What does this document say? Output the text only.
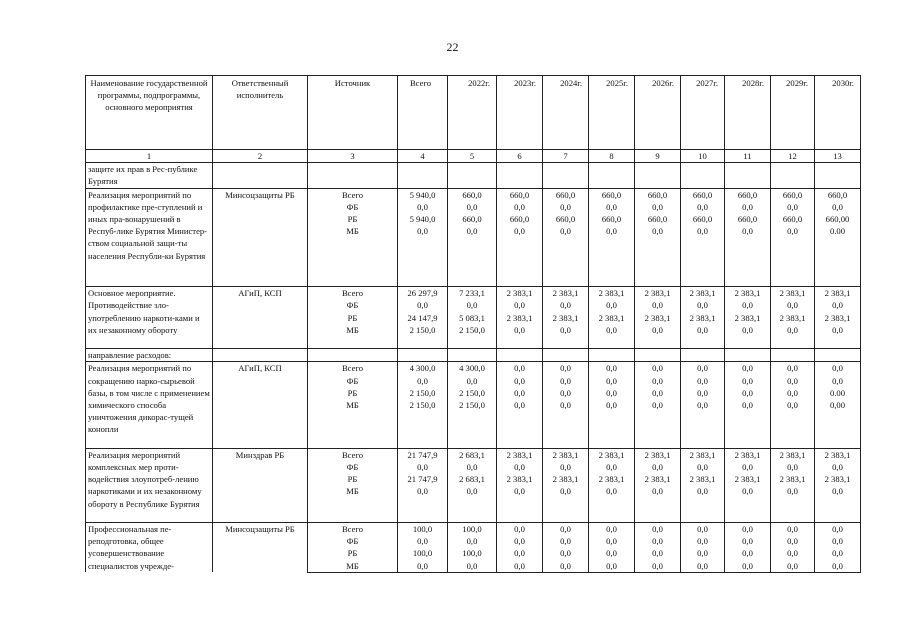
22
Наименование государственной программы, подпрограммы, основного мероприятия	Ответственный исполнитель	Источник	Всего	2022г.	2023г.	2024г.	2025г.	2026г.	2027г.	2028г.	2029г.	2030г.
1	2	3	4	5	6	7	8	9	10	11	12	13
защите их прав в Рес-публике Бурятия												
Реализация мероприятий по профилактике пре-ступлений и иных пра-вонарушений в Респуб-лике Бурятия Министер-ством социальной защи-ты населения Республи-ки Бурятия	Минсоцзащиты РБ	Всего	5 940,0	660,0	660,0	660,0	660,0	660,0	660,0	660,0	660,0	660,0
		ФБ	0,0	0,0	0,0	0,0	0,0	0,0	0,0	0,0	0,0	0,0
		РБ	5 940,0	660,0	660,0	660,0	660,0	660,0	660,0	660,0	660,0	660,00
		МБ	0,0	0,0	0,0	0,0	0,0	0,0	0,0	0,0	0,0	0.00
Основное мероприятие. Противодействие зло-употреблению наркоти-ками и их незаконному обороту	АГиП, КСП	Всего	26 297,9	7 233,1	2 383,1	2 383,1	2 383,1	2 383,1	2 383,1	2 383,1	2 383,1	2 383,1
		ФБ	0,0	0,0	0,0	0,0	0,0	0,0	0,0	0,0	0,0	0,0
		РБ	24 147,9	5 083,1	2 383,1	2 383,1	2 383,1	2 383,1	2 383,1	2 383,1	2 383,1	2 383,1
		МБ	2 150,0	2 150,0	0,0	0,0	0,0	0,0	0,0	0,0	0,0	0,0
направление расходов:												
Реализация мероприятий по сокращению нарко-сырьевой базы, в том числе с применением химического способа уничтожения дикорас-тущей конопли	АГиП, КСП	Всего	4 300,0	4 300,0	0,0	0,0	0,0	0,0	0,0	0,0	0,0	0,0
		ФБ	0,0	0,0	0,0	0,0	0,0	0,0	0,0	0,0	0,0	0,0
		РБ	2 150,0	2 150,0	0,0	0,0	0,0	0,0	0,0	0,0	0,0	0.00
		МБ	2 150,0	2 150,0	0,0	0,0	0,0	0,0	0,0	0,0	0,0	0,00
Реализация мероприятий комплексных мер проти-водействия злоупотреб-лению наркотиками и их незаконному обороту в Республике Бурятия	Минздрав РБ	Всего	21 747,9	2 683,1	2 383,1	2 383,1	2 383,1	2 383,1	2 383,1	2 383,1	2 383,1	2 383,1
		ФБ	0,0	0,0	0,0	0,0	0,0	0,0	0,0	0,0	0,0	0,0
		РБ	21 747,9	2 683,1	2 383,1	2 383,1	2 383,1	2 383,1	2 383,1	2 383,1	2 383,1	2 383,1
		МБ	0,0	0,0	0,0	0,0	0,0	0,0	0,0	0,0	0,0	0,0
Профессиональная пе-реподготовка, общее усовершенствование специалистов учрежде-	Минсоцзащиты РБ	Всего	100,0	100,0	0,0	0,0	0,0	0,0	0,0	0,0	0,0	0,0
		ФБ	0,0	0,0	0,0	0,0	0,0	0,0	0,0	0,0	0,0	0,0
		РБ	100,0	100,0	0,0	0,0	0,0	0,0	0,0	0,0	0,0	0,0
		МБ	0,0	0,0	0,0	0,0	0,0	0,0	0,0	0,0	0,0	0,0
